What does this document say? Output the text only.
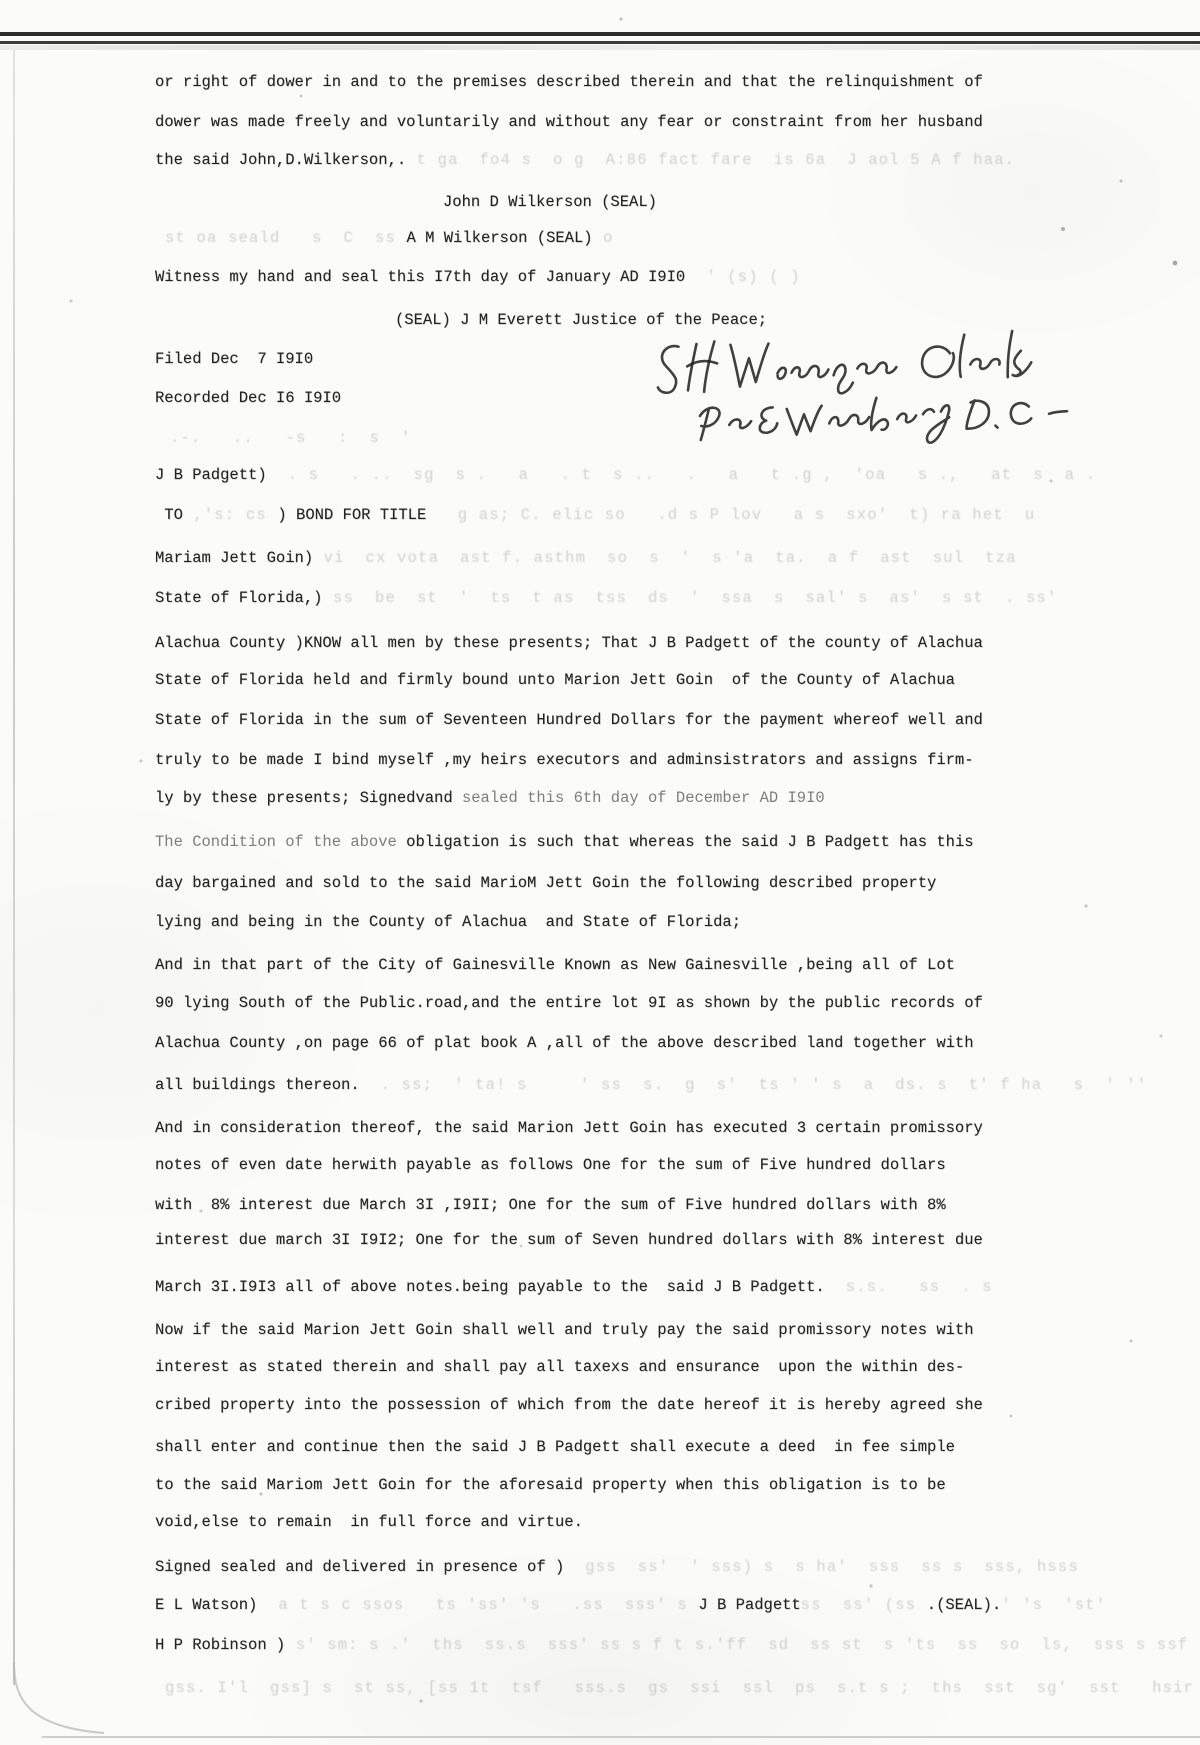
or right of dower in and to the premises described therein and that the relinquishment of
dower was made freely and voluntarily and without any fear or constraint from her husband
the said John,D.Wilkerson,. t ga  fo4 s  o g  A:86 fact fare  is 6a  J aol 5 A f haa.
John D Wilkerson (SEAL)
st oa seald   s  C  ss A M Wilkerson (SEAL) o
Witness my hand and seal this I7th day of January AD I9I0  ' (s) ( )
(SEAL) J M Everett Justice of the Peace;
Filed Dec  7 I9I0
Recorded Dec I6 I9I0
.-.   ..   -s   :  s  '
J B Padgett)  . s   . ..  sg  s .   a   . t  s ..   .   a   t .g ,  'oa   s .,   at  s  a .
TO ,'s: cs ) BOND FOR TITLE   g as; C. elic so   .d s P lov   a s  sxo'  t) ra het  u
Mariam Jett Goin) vi  cx vota  ast f. asthm  so  s  '  s 'a  ta.  a f  ast  sul  tza
State of Florida,) ss  be  st  '  ts  t as  tss  ds  '  ssa  s  sal' s  as'  s st  . ss'
Alachua County )KNOW all men by these presents; That J B Padgett of the county of Alachua
State of Florida held and firmly bound unto Marion Jett Goin  of the County of Alachua
State of Florida in the sum of Seventeen Hundred Dollars for the payment whereof well and
truly to be made I bind myself ,my heirs executors and adminsistrators and assigns firm-
ly by these presents; Signedvand sealed this 6th day of December AD I9I0
The Condition of the above obligation is such that whereas the said J B Padgett has this
day bargained and sold to the said MarioM Jett Goin the following described property
lying and being in the County of Alachua  and State of Florida;
And in that part of the City of Gainesville Known as New Gainesville ,being all of Lot
90 lying South of the Public.road,and the entire lot 9I as shown by the public records of
Alachua County ,on page 66 of plat book A ,all of the above described land together with
all buildings thereon.  . ss;  ' ta! s     ' ss  s.  g  s'  ts ' ' s  a  ds. s  t' f ha   s  ' ''
And in consideration thereof, the said Marion Jett Goin has executed 3 certain promissory
notes of even date herwith payable as follows One for the sum of Five hundred dollars
with  8% interest due March 3I ,I9II; One for the sum of Five hundred dollars with 8%
interest due march 3I I9I2; One for the sum of Seven hundred dollars with 8% interest due
March 3I.I9I3 all of above notes.being payable to the  said J B Padgett.  s.s.   ss  . s
Now if the said Marion Jett Goin shall well and truly pay the said promissory notes with
interest as stated therein and shall pay all taxexs and ensurance  upon the within des-
cribed property into the possession of which from the date hereof it is hereby agreed she
shall enter and continue then the said J B Padgett shall execute a deed  in fee simple
to the said Mariom Jett Goin for the aforesaid property when this obligation is to be
void,else to remain  in full force and virtue.
Signed sealed and delivered in presence of )  gss  ss'  ' sss) s  s ha'  sss  ss s  sss, hsss
E L Watson)  a t s c ssos   ts 'ss' 's   .ss  sss' s J B Padgettss  ss' (ss .(SEAL).' 's  'st'
H P Robinson ) s' sm: s .'  ths  ss.s  sss' ss s f t s.'ff  sd  ss st  s 'ts  ss  so  ls,  sss s ssf
gss. I'l  gss] s  st ss, [ss 1t  tsf   sss.s  gs  ssi  ssl  ps  s.t s ;  ths  sst  sg'  sst   hsir
